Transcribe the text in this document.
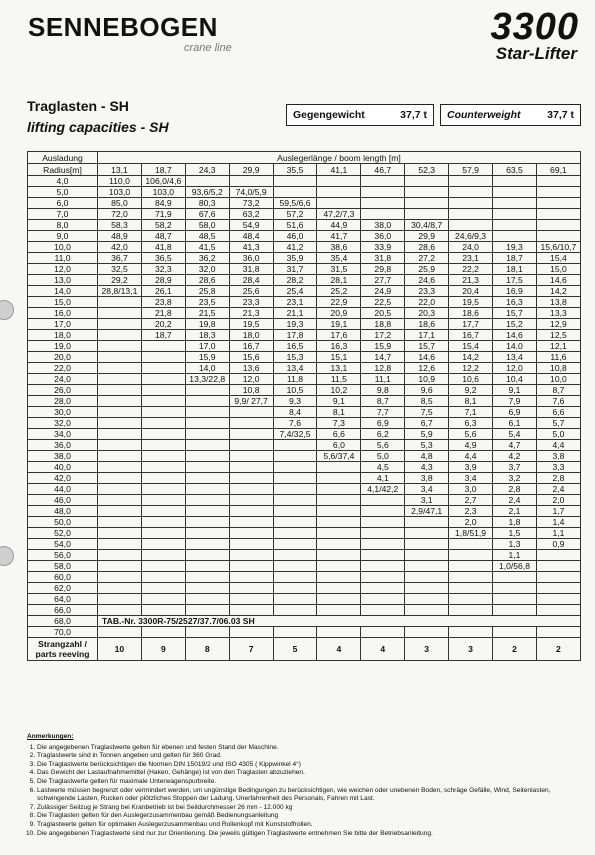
SENNEBOGEN
crane line	3300
Star-Lifter
Traglasten - SH
lifting capacities - SH
Gegengewicht	37,7 t Counterweight	37,7 t
Ausladung	Auslegerlänge / boom length [m]										
Radius[m]	13,1	18,7	24,3	29,9	35,5	41,1	46,7	52,3	57,9	63,5	69,1
4,0	110,0	106,0/4,6									
5,0	103,0	103,0	93,6/5,2	74,0/5,9							
6,0	85,0	84,9	80,3	73,2	59,5/6,6						
7,0	72,0	71,9	67,6	63,2	57,2	47,2/7,3					
8,0	58,3	58,2	58,0	54,9	51,6	44,9	38,0	30,4/8,7			
9,0	48,9	48,7	48,5	48,4	46,0	41,7	36,0	29,9	24,6/9,3		
10,0	42,0	41,8	41,5	41,3	41,2	38,6	33,9	28,6	24,0	19,3	15,6/10,7
11,0	36,7	36,5	36,2	36,0	35,9	35,4	31,8	27,2	23,1	18,7	15,4
12,0	32,5	32,3	32,0	31,8	31,7	31,5	29,8	25,9	22,2	18,1	15,0
13,0	29,2	28,9	28,6	28,4	28,2	28,1	27,7	24,6	21,3	17,5	14,6
14,0	28,8/13,1	26,1	25,8	25,6	25,4	25,2	24,9	23,3	20,4	16,9	14,2
15,0		23,8	23,5	23,3	23,1	22,9	22,5	22,0	19,5	16,3	13,8
16,0		21,8	21,5	21,3	21,1	20,9	20,5	20,3	18,6	15,7	13,3
17,0		20,2	19,8	19,5	19,3	19,1	18,8	18,6	17,7	15,2	12,9
18,0		18,7	18,3	18,0	17,8	17,6	17,2	17,1	16,7	14,6	12,5
19,0			17,0	16,7	16,5	16,3	15,9	15,7	15,4	14,0	12,1
20,0			15,9	15,6	15,3	15,1	14,7	14,6	14,2	13,4	11,6
22,0			14,0	13,6	13,4	13,1	12,8	12,6	12,2	12,0	10,8
24,0			13,3/22,8	12,0	11,8	11,5	11,1	10,9	10,6	10,4	10,0
26,0				10,8	10,5	10,2	9,8	9,6	9,2	9,1	8,7
28,0				9,9/ 27,7	9,3	9,1	8,7	8,5	8,1	7,9	7,6
30,0					8,4	8,1	7,7	7,5	7,1	6,9	6,6
32,0					7,6	7,3	6,9	6,7	6,3	6,1	5,7
34,0					7,4/32,5	6,6	6,2	5,9	5,6	5,4	5,0
36,0						6,0	5,6	5,3	4,9	4,7	4,4
38,0						5,6/37,4	5,0	4,8	4,4	4,2	3,8
40,0							4,5	4,3	3,9	3,7	3,3
42,0							4,1	3,8	3,4	3,2	2,8
44,0							4,1/42,2	3,4	3,0	2,8	2,4
46,0								3,1	2,7	2,4	2,0
48,0								2,9/47,1	2,3	2,1	1,7
50,0									2,0	1,8	1,4
52,0									1,8/51,9	1,5	1,1
54,0										1,3	0,9
56,0										1,1	
58,0										1,0/56,8	
60,0											
62,0											
64,0											
66,0											
68,0	TAB.-Nr. 3300R-75/2527/37.7/06.03 SH										
70,0											

Strangzahl /
parts reeving	10	9	8	7	5	4	4	3	3	2	2
Anmerkungen:
1. Die angegebenen Traglastwerte gelten für ebenen und festen Stand der Maschine.
2. Traglastwerte sind in Tonnen angeben und gelten für 360 Grad.
3. Die Traglastwerte berücksichtigen die Normen DIN 15019/2 und ISO 4305 ( Kippwinkel 4°)
4. Das Gewicht der Lastaufnahmemittel (Haken, Gehänge) ist von den Traglasten abzuziehen.
5. Die Traglastwerte gelten für maximale Unterwagenspurbreite.
6. Lastwerte müssen begrenzt oder vermindert werden, um ungünstige Bedingungen zu berücksichtigen, wie weichen oder unebenen Boden, schräge Gefälle, Wind, Seitenlasten, schwingende Lasten, Rucken oder plötzliches Stoppen der Ladung, Unerfahrenheit des Personals, Fahren mit Last.
7. Zulässiger Seilzug je Strang bei Kranbetrieb ist bei Seildurchmesser 26 mm - 12.000 kg
8. Die Traglasten gelten für den Auslegerzusammenbau gemäß Bedienungsanleitung
9. Traglastwerte gelten für optimalen Auslegerzusammenbau und Rollenkopf mit Kunststoffrollen.
10. Die angegebenen Traglastwerte sind nur zur Orientierung. Die jeweils gültigen Traglastwerte entnehmen Sie bitte der Betriebsanleitung.
